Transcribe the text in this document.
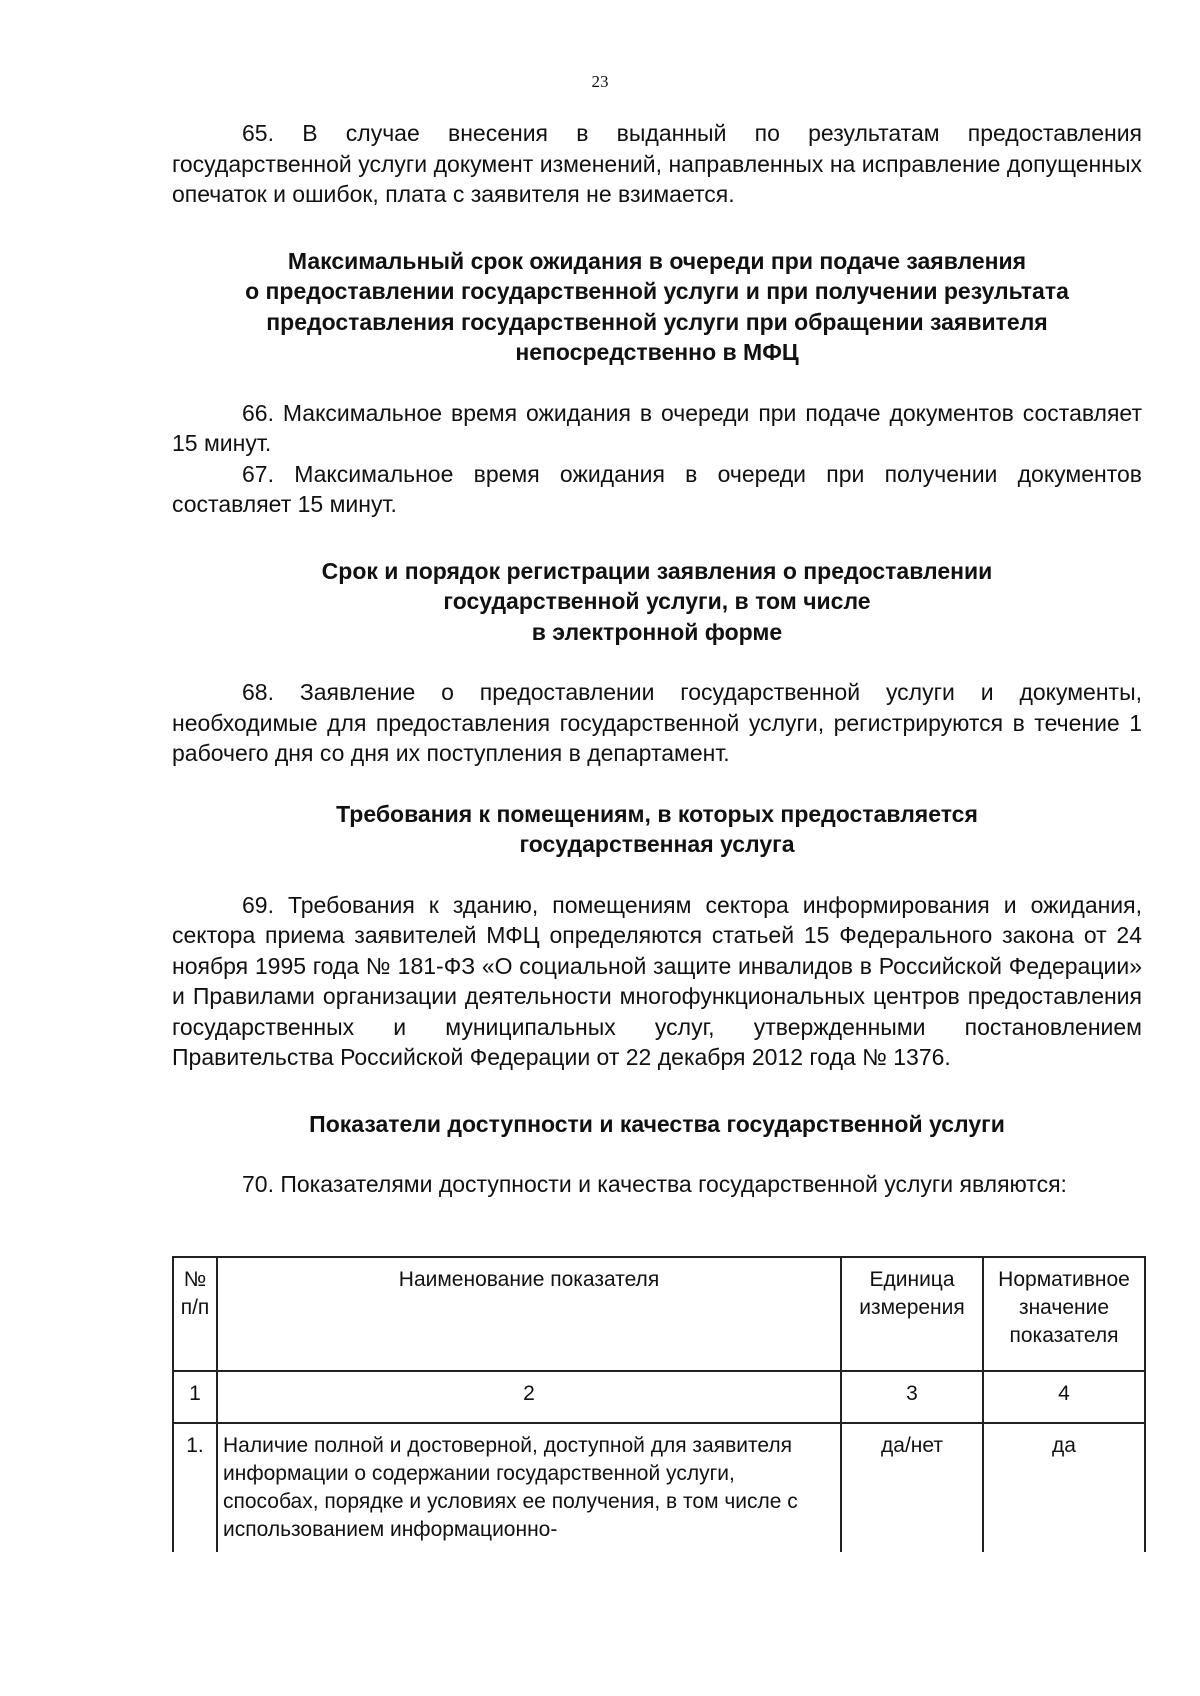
23

65. В случае внесения в выданный по результатам предоставления государственной услуги документ изменений, направленных на исправление допущенных опечаток и ошибок, плата с заявителя не взимается.

Максимальный срок ожидания в очереди при подаче заявления
о предоставлении государственной услуги и при получении результата
предоставления государственной услуги при обращении заявителя
непосредственно в МФЦ

66. Максимальное время ожидания в очереди при подаче документов составляет 15 минут.

67. Максимальное время ожидания в очереди при получении документов составляет 15 минут.

Срок и порядок регистрации заявления о предоставлении
государственной услуги, в том числе
в электронной форме

68. Заявление о предоставлении государственной услуги и документы, необходимые для предоставления государственной услуги, регистрируются в течение 1 рабочего дня со дня их поступления в департамент.

Требования к помещениям, в которых предоставляется
государственная услуга

69. Требования к зданию, помещениям сектора информирования и ожидания, сектора приема заявителей МФЦ определяются статьей 15 Федерального закона от 24 ноября 1995 года № 181-ФЗ «О социальной защите инвалидов в Российской Федерации» и Правилами организации деятельности многофункциональных центров предоставления государственных и муниципальных услуг, утвержденными постановлением Правительства Российской Федерации от 22 декабря 2012 года № 1376.

Показатели доступности и качества государственной услуги

70. Показателями доступности и качества государственной услуги являются:

№ п/п	Наименование показателя	Единица измерения	Нормативное значение показателя
1	2	3	4
1.	Наличие полной и достоверной, доступной для заявителя информации о содержании государственной услуги, способах, порядке и условиях ее получения, в том числе с использованием информационно-	да/нет	да
